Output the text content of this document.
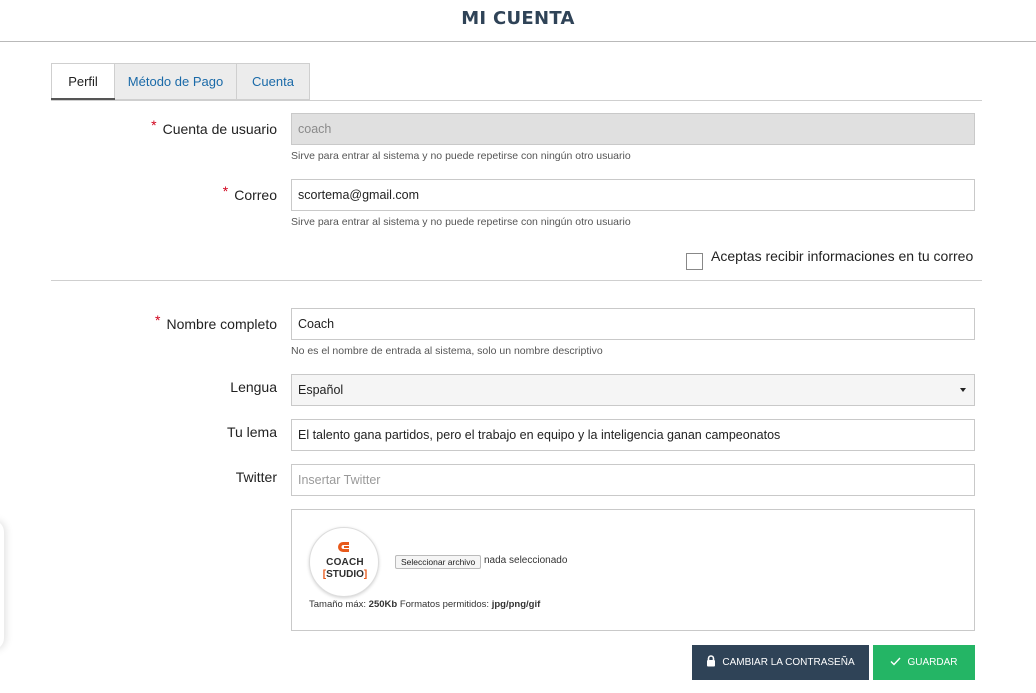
MI CUENTA
Perfil	Método de Pago	Cuenta
* Cuenta de usuario	coach
Sirve para entrar al sistema y no puede repetirse con ningún otro usuario
* Correo	scortema@gmail.com
Sirve para entrar al sistema y no puede repetirse con ningún otro usuario
Aceptas recibir informaciones en tu correo
* Nombre completo	Coach
No es el nombre de entrada al sistema, solo un nombre descriptivo
Lengua	Español
Tu lema	El talento gana partidos, pero el trabajo en equipo y la inteligencia ganan campeonatos
Twitter	Insertar Twitter
COACH
[STUDIO]
Seleccionar archivo nada seleccionado
Tamaño máx: 250Kb Formatos permitidos: jpg/png/gif
CAMBIAR LA CONTRASEÑA	GUARDAR
